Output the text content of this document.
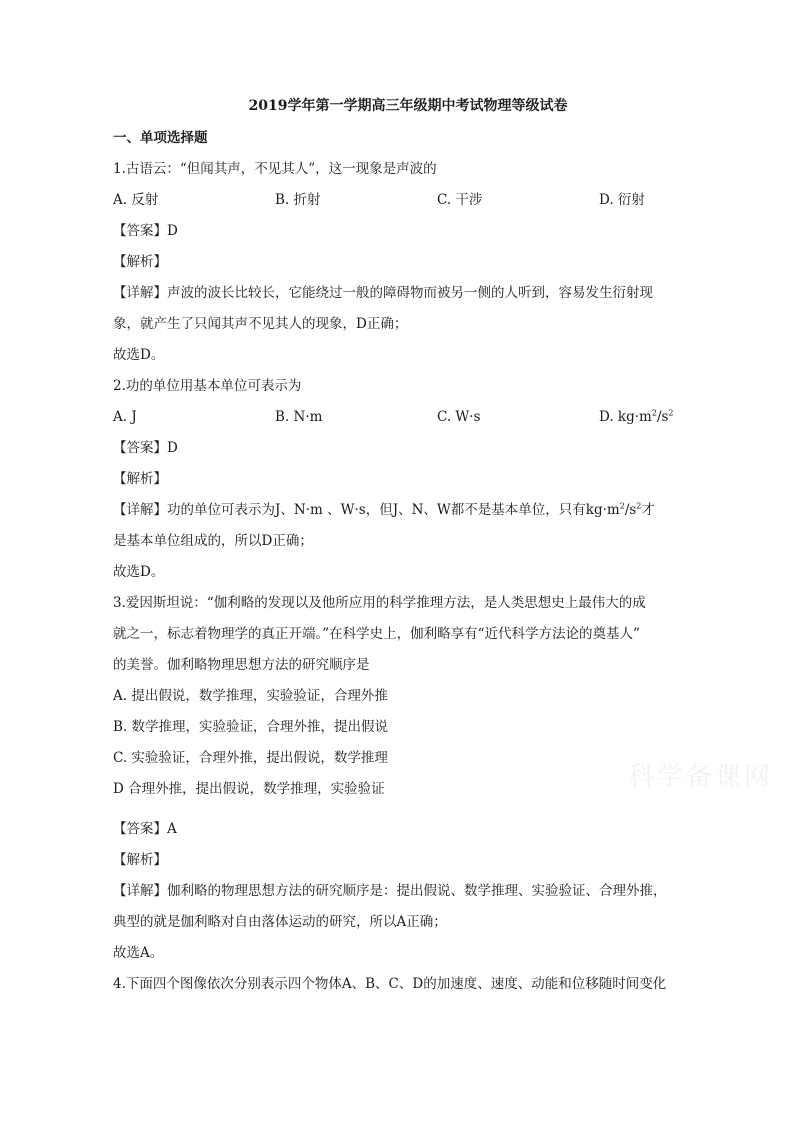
2019学年第一学期高三年级期中考试物理等级试卷
一、单项选择题
1.古语云：“但闻其声，不见其人”，这一现象是声波的
A. 反射	B. 折射	C. 干涉	D. 衍射
【答案】D
【解析】
【详解】声波的波长比较长，它能绕过一般的障碍物而被另一侧的人听到，容易发生衍射现
象，就产生了只闻其声不见其人的现象，D正确；
故选D。
2.功的单位用基本单位可表示为
A. J	B. N·m	C. W·s	D. $kg\cdot m^2/s^2$
【答案】D
【解析】
【详解】功的单位可表示为J、N·m 、W·s，但J、N、W都不是基本单位，只有$kg\cdot m^2/s^2$才
是基本单位组成的，所以D正确；
故选D。
3.爱因斯坦说：“伽利略的发现以及他所应用的科学推理方法，是人类思想史上最伟大的成
就之一，标志着物理学的真正开端。”在科学史上，伽利略享有“近代科学方法论的奠基人”
的美誉。伽利略物理思想方法的研究顺序是
A. 提出假说，数学推理，实验验证，合理外推
B. 数学推理，实验验证，合理外推，提出假说
C. 实验验证，合理外推，提出假说，数学推理
D 合理外推，提出假说，数学推理，实验验证
【答案】A
【解析】
【详解】伽利略的物理思想方法的研究顺序是：提出假说、数学推理、实验验证、合理外推，
典型的就是伽利略对自由落体运动的研究，所以A正确；
故选A。
4.下面四个图像依次分别表示四个物体A、B、C、D的加速度、速度、动能和位移随时间变化
科学备课网
